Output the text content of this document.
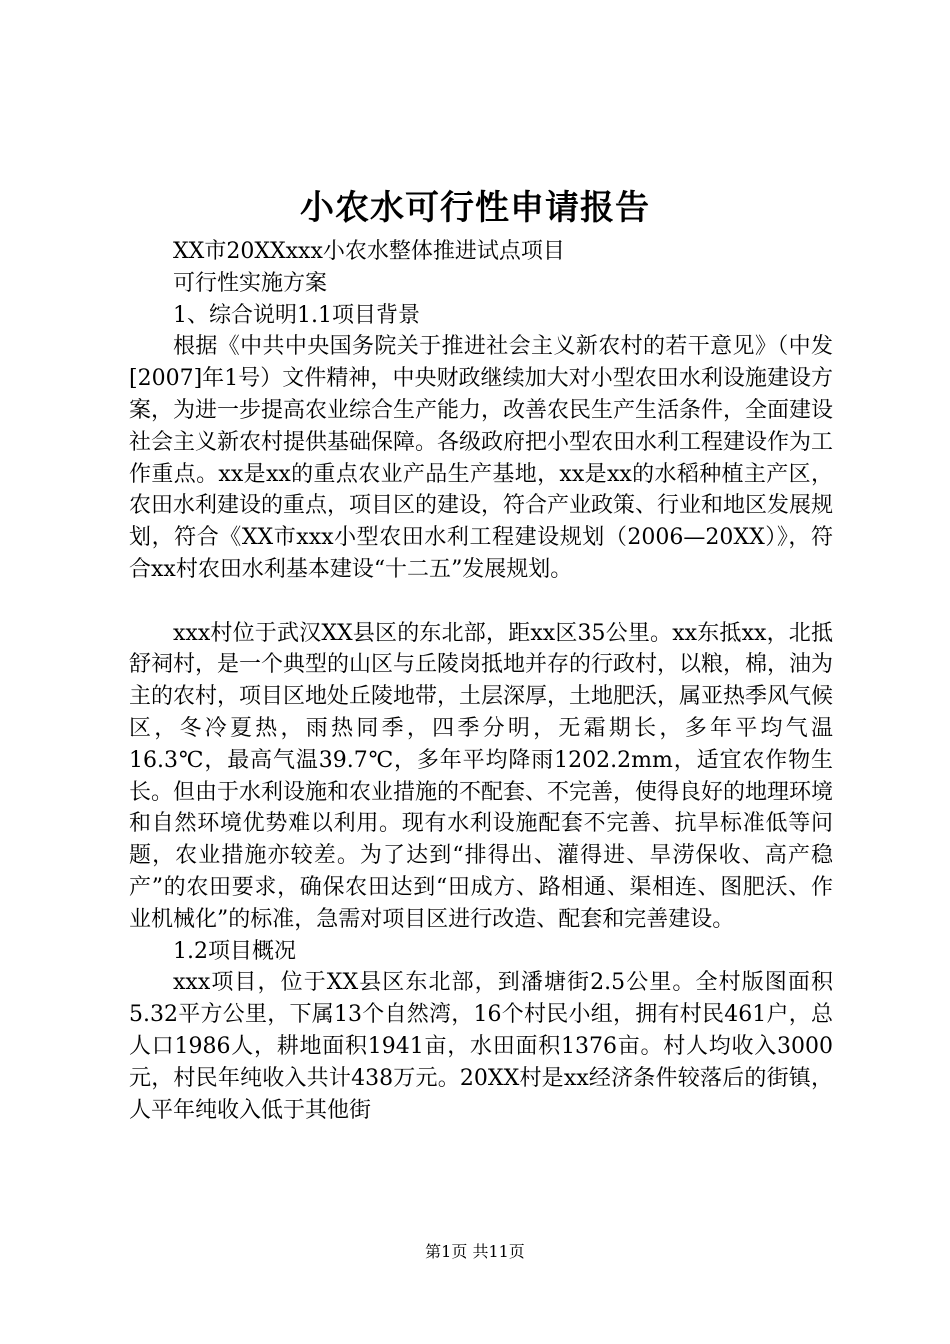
小农水可行性申请报告

XX市20XXxxx小农水整体推进试点项目

可行性实施方案

1、综合说明1.1项目背景

根据《中共中央国务院关于推进社会主义新农村的若干意见》（中发[2007]年1号）文件精神，中央财政继续加大对小型农田水利设施建设方案，为进一步提高农业综合生产能力，改善农民生产生活条件，全面建设社会主义新农村提供基础保障。各级政府把小型农田水利工程建设作为工作重点。xx是xx的重点农业产品生产基地，xx是xx的水稻种植主产区，农田水利建设的重点，项目区的建设，符合产业政策、行业和地区发展规划，符合《XX市xxx小型农田水利工程建设规划（2006—20XX）》，符合xx村农田水利基本建设“十二五”发展规划。

xxx村位于武汉XX县区的东北部，距xx区35公里。xx东抵xx，北抵舒祠村，是一个典型的山区与丘陵岗抵地并存的行政村，以粮，棉，油为主的农村，项目区地处丘陵地带，土层深厚，土地肥沃，属亚热季风气候区，冬冷夏热，雨热同季，四季分明，无霜期长，多年平均气温16.3℃，最高气温39.7℃，多年平均降雨1202.2mm，适宜农作物生长。但由于水利设施和农业措施的不配套、不完善，使得良好的地理环境和自然环境优势难以利用。现有水利设施配套不完善、抗旱标准低等问题，农业措施亦较差。为了达到“排得出、灌得进、旱涝保收、高产稳产”的农田要求，确保农田达到“田成方、路相通、渠相连、图肥沃、作业机械化”的标准，急需对项目区进行改造、配套和完善建设。

1.2项目概况

xxx项目，位于XX县区东北部，到潘塘街2.5公里。全村版图面积5.32平方公里，下属13个自然湾，16个村民小组，拥有村民461户，总人口1986人，耕地面积1941亩，水田面积1376亩。村人均收入3000元，村民年纯收入共计438万元。20XX村是xx经济条件较落后的街镇，人平年纯收入低于其他街

第1页 共11页
